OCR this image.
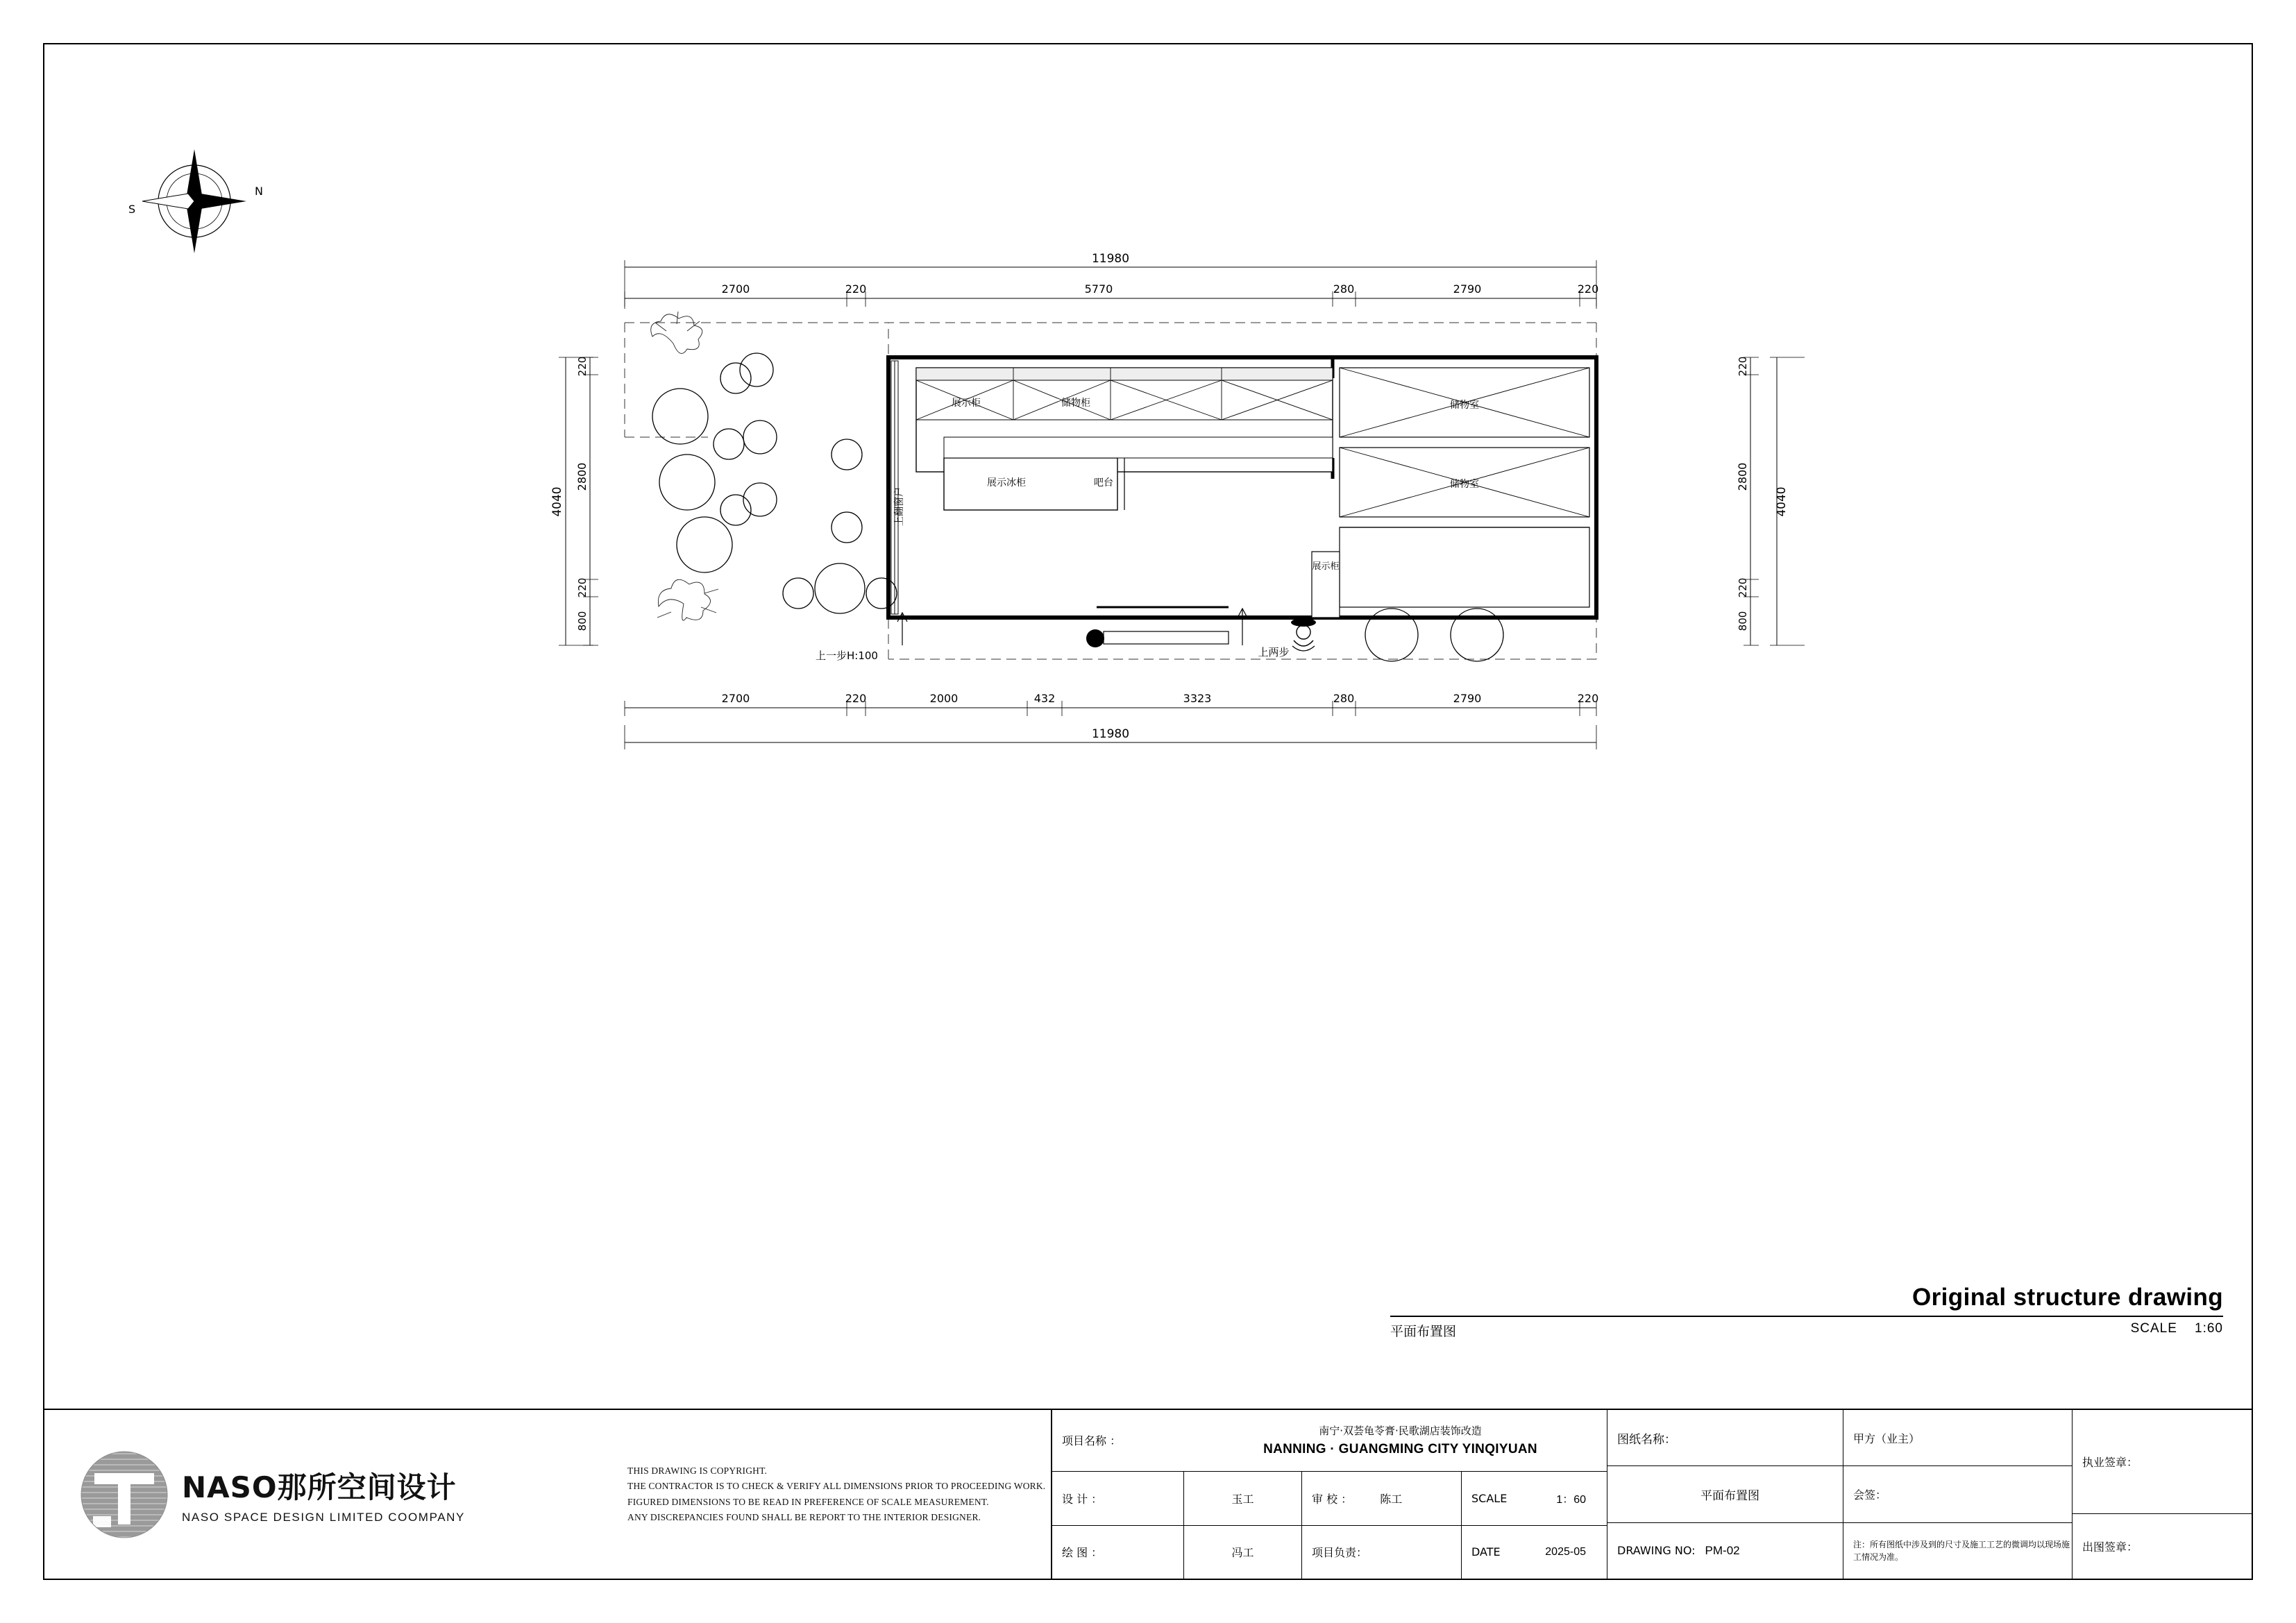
N
S
11980
2700	220	5770	280	2790	220
4040
220
2800
220
800
4040
220
2800
220
800
上翻窗户
展示柜	储物柜	储物室
储物室
展示冰柜	吧台
展示柜
上一步H:100	上两步
2700	220	2000	432	3323	280	2790	220
11980
Original structure drawing
平面布置图	SCALE 1:60
NASO那所空间设计
NASO SPACE DESIGN LIMITED COOMPANY
THIS DRAWING IS COPYRIGHT.
THE CONTRACTOR IS TO CHECK & VERIFY ALL DIMENSIONS PRIOR TO PROCEEDING WORK.
FIGURED DIMENSIONS TO BE READ IN PREFERENCE OF SCALE MEASUREMENT.
ANY DISCREPANCIES FOUND SHALL BE REPORT TO THE INTERIOR DESIGNER.
项目名称 ：
南宁·双荟龟苓膏·民歌湖店装饰改造
NANNING · GUANGMING CITY YINQIYUAN
设 计 ：	玉工	审 校 ：	陈工	SCALE	1：60
绘 图 ：	冯工	项目负责：	DATE	2025-05
图纸名称：
平面布置图
DRAWING NO: PM-02
甲方（业主）
会签：
注：所有图纸中涉及到的尺寸及施工工艺的微调均以现场施工情况为准。
执业签章：
出图签章：
